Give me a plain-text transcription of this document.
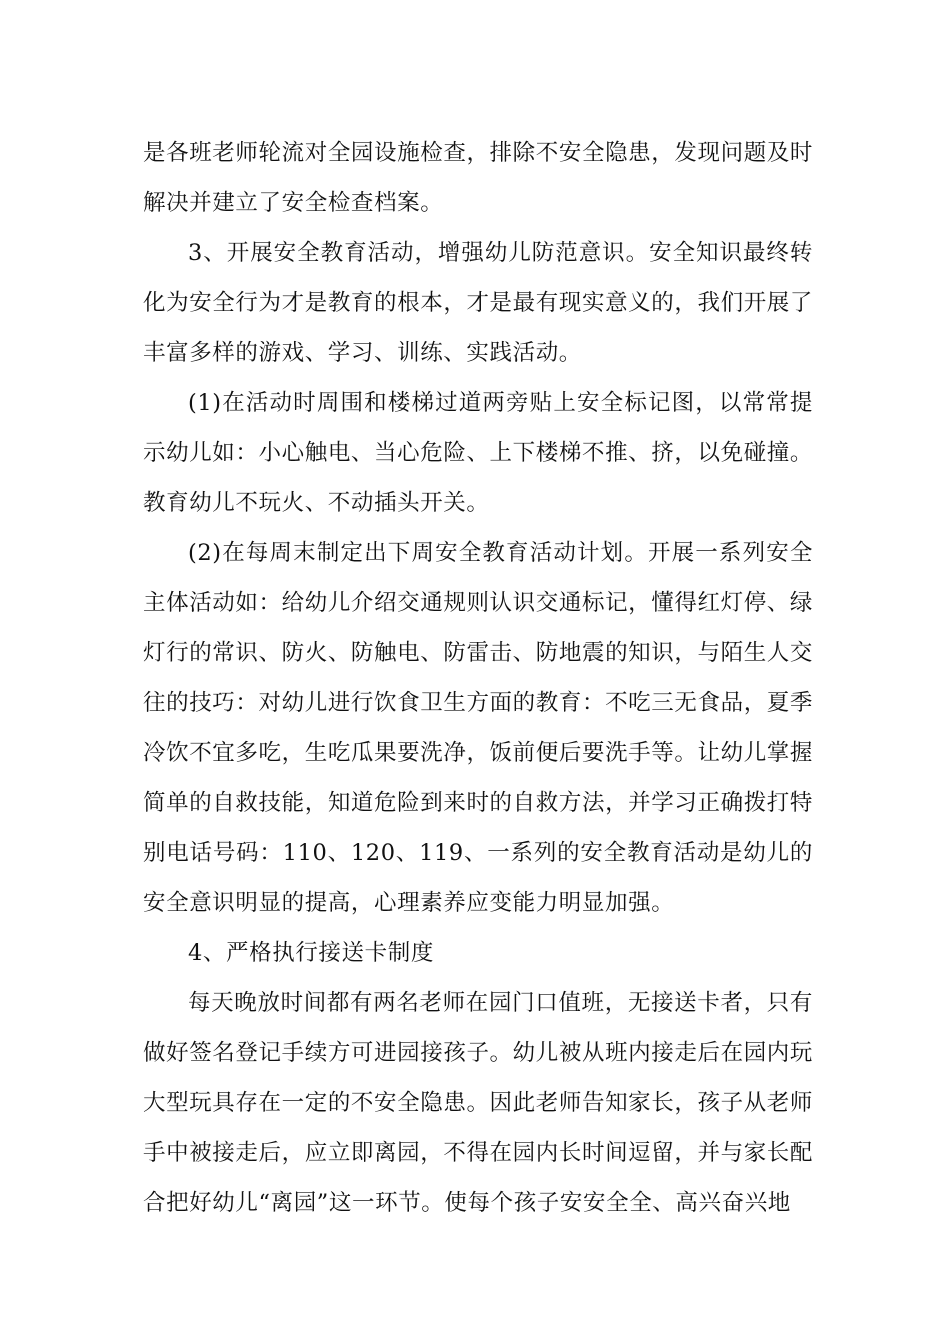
是各班老师轮流对全园设施检查，排除不安全隐患，发现问题及时解决并建立了安全检查档案。

3、开展安全教育活动，增强幼儿防范意识。安全知识最终转化为安全行为才是教育的根本，才是最有现实意义的，我们开展了丰富多样的游戏、学习、训练、实践活动。

(1)在活动时周围和楼梯过道两旁贴上安全标记图，以常常提示幼儿如：小心触电、当心危险、上下楼梯不推、挤，以免碰撞。教育幼儿不玩火、不动插头开关。

(2)在每周末制定出下周安全教育活动计划。开展一系列安全主体活动如：给幼儿介绍交通规则认识交通标记，懂得红灯停、绿灯行的常识、防火、防触电、防雷击、防地震的知识，与陌生人交往的技巧：对幼儿进行饮食卫生方面的教育：不吃三无食品，夏季冷饮不宜多吃，生吃瓜果要洗净，饭前便后要洗手等。让幼儿掌握简单的自救技能，知道危险到来时的自救方法，并学习正确拨打特别电话号码：110、120、119、一系列的安全教育活动是幼儿的安全意识明显的提高，心理素养应变能力明显加强。

4、严格执行接送卡制度

每天晚放时间都有两名老师在园门口值班，无接送卡者，只有做好签名登记手续方可进园接孩子。幼儿被从班内接走后在园内玩大型玩具存在一定的不安全隐患。因此老师告知家长，孩子从老师手中被接走后，应立即离园，不得在园内长时间逗留，并与家长配合把好幼儿“离园”这一环节。使每个孩子安安全全、高兴奋兴地
